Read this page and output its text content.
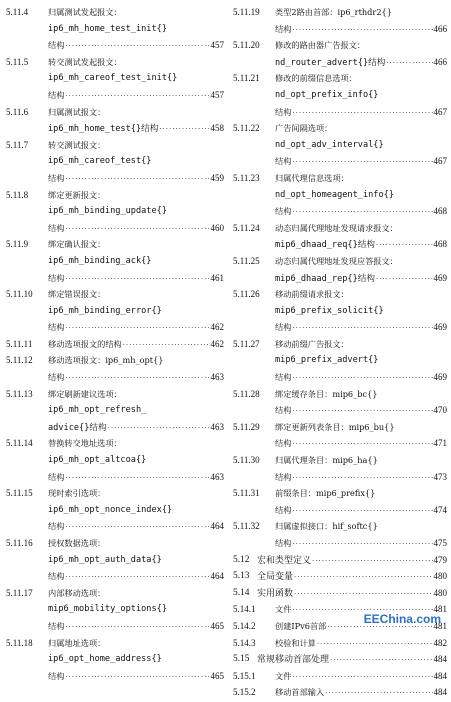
5.11.4 归属测试发起报文：
ip6_mh_home_test_init{}
结构 ·····	457
5.11.5 转交测试发起报文：
ip6_mh_careof_test_init{}
结构 ·····	457
5.11.6 归属测试报文：
ip6_mh_home_test{}结构 ·····	458
5.11.7 转交测试报文：
ip6_mh_careof_test{}
结构 ·····	459
5.11.8 绑定更新报文：
ip6_mh_binding_update{}
结构 ·····	460
5.11.9 绑定确认报文：
ip6_mh_binding_ack{}
结构 ·····	461
5.11.10 绑定错误报文：
ip6_mh_binding_error{}
结构 ·····	462
5.11.11 移动选项报文的结构 ·····	462
5.11.12 移动选项报文：ip6_mh_opt{}
结构 ·····	463
5.11.13 绑定刷新建议选项：
ip6_mh_opt_refresh_
advice{}结构 ·····	463
5.11.14 替换转交地址选项：
ip6_mh_opt_altcoa{}
结构 ·····	463
5.11.15 现时索引选项：
ip6_mh_opt_nonce_index{}
结构 ·····	464
5.11.16 授权数据选项：
ip6_mh_opt_auth_data{}
结构 ·····	464
5.11.17 内部移动选项：
mip6_mobility_options{}
结构 ·····	465
5.11.18 归属地址选项：
ip6_opt_home_address{}
结构 ·····	465
5.11.19 类型2路由首部：ip6_rthdr2{}
结构 ·····	466
5.11.20 修改的路由器广告报文：
nd_router_advert{}结构 ·····	466
5.11.21 修改的前缀信息选项：
nd_opt_prefix_info{}
结构 ·····	467
5.11.22 广告间隔选项：
nd_opt_adv_interval{}
结构 ·····	467
5.11.23 归属代理信息选项：
nd_opt_homeagent_info{}
结构 ·····	468
5.11.24 动态归属代理地址发现请求报文：
mip6_dhaad_req{}结构 ·····	468
5.11.25 动态归属代理地址发现应答报文：
mip6_dhaad_rep{}结构 ·····	469
5.11.26 移动前缀请求报文：
mip6_prefix_solicit{}
结构 ·····	469
5.11.27 移动前缀广告报文：
mip6_prefix_advert{}
结构 ·····	469
5.11.28 绑定缓存条目：mip6_bc{}
结构 ·····	470
5.11.29 绑定更新列表条目：mip6_bu{}
结构 ·····	471
5.11.30 归属代理条目：mip6_ha{}
结构 ·····	473
5.11.31 前缀条目：mip6_prefix{}
结构 ·····	474
5.11.32 归属虚拟接口：hif_softc{}
结构 ·····	475
5.12 宏和类型定义 ·····	479
5.13 全局变量 ·····	480
5.14 实用函数 ·····	480
5.14.1 文件 ·····	481
5.14.2 创建IPv6首部 ·····	481
5.14.3 校验和计算 ·····	482
5.15 常规移动首部处理 ·····	484
5.15.1 文件 ·····	484
5.15.2 移动首部输入 ·····	484
EEChina.com
